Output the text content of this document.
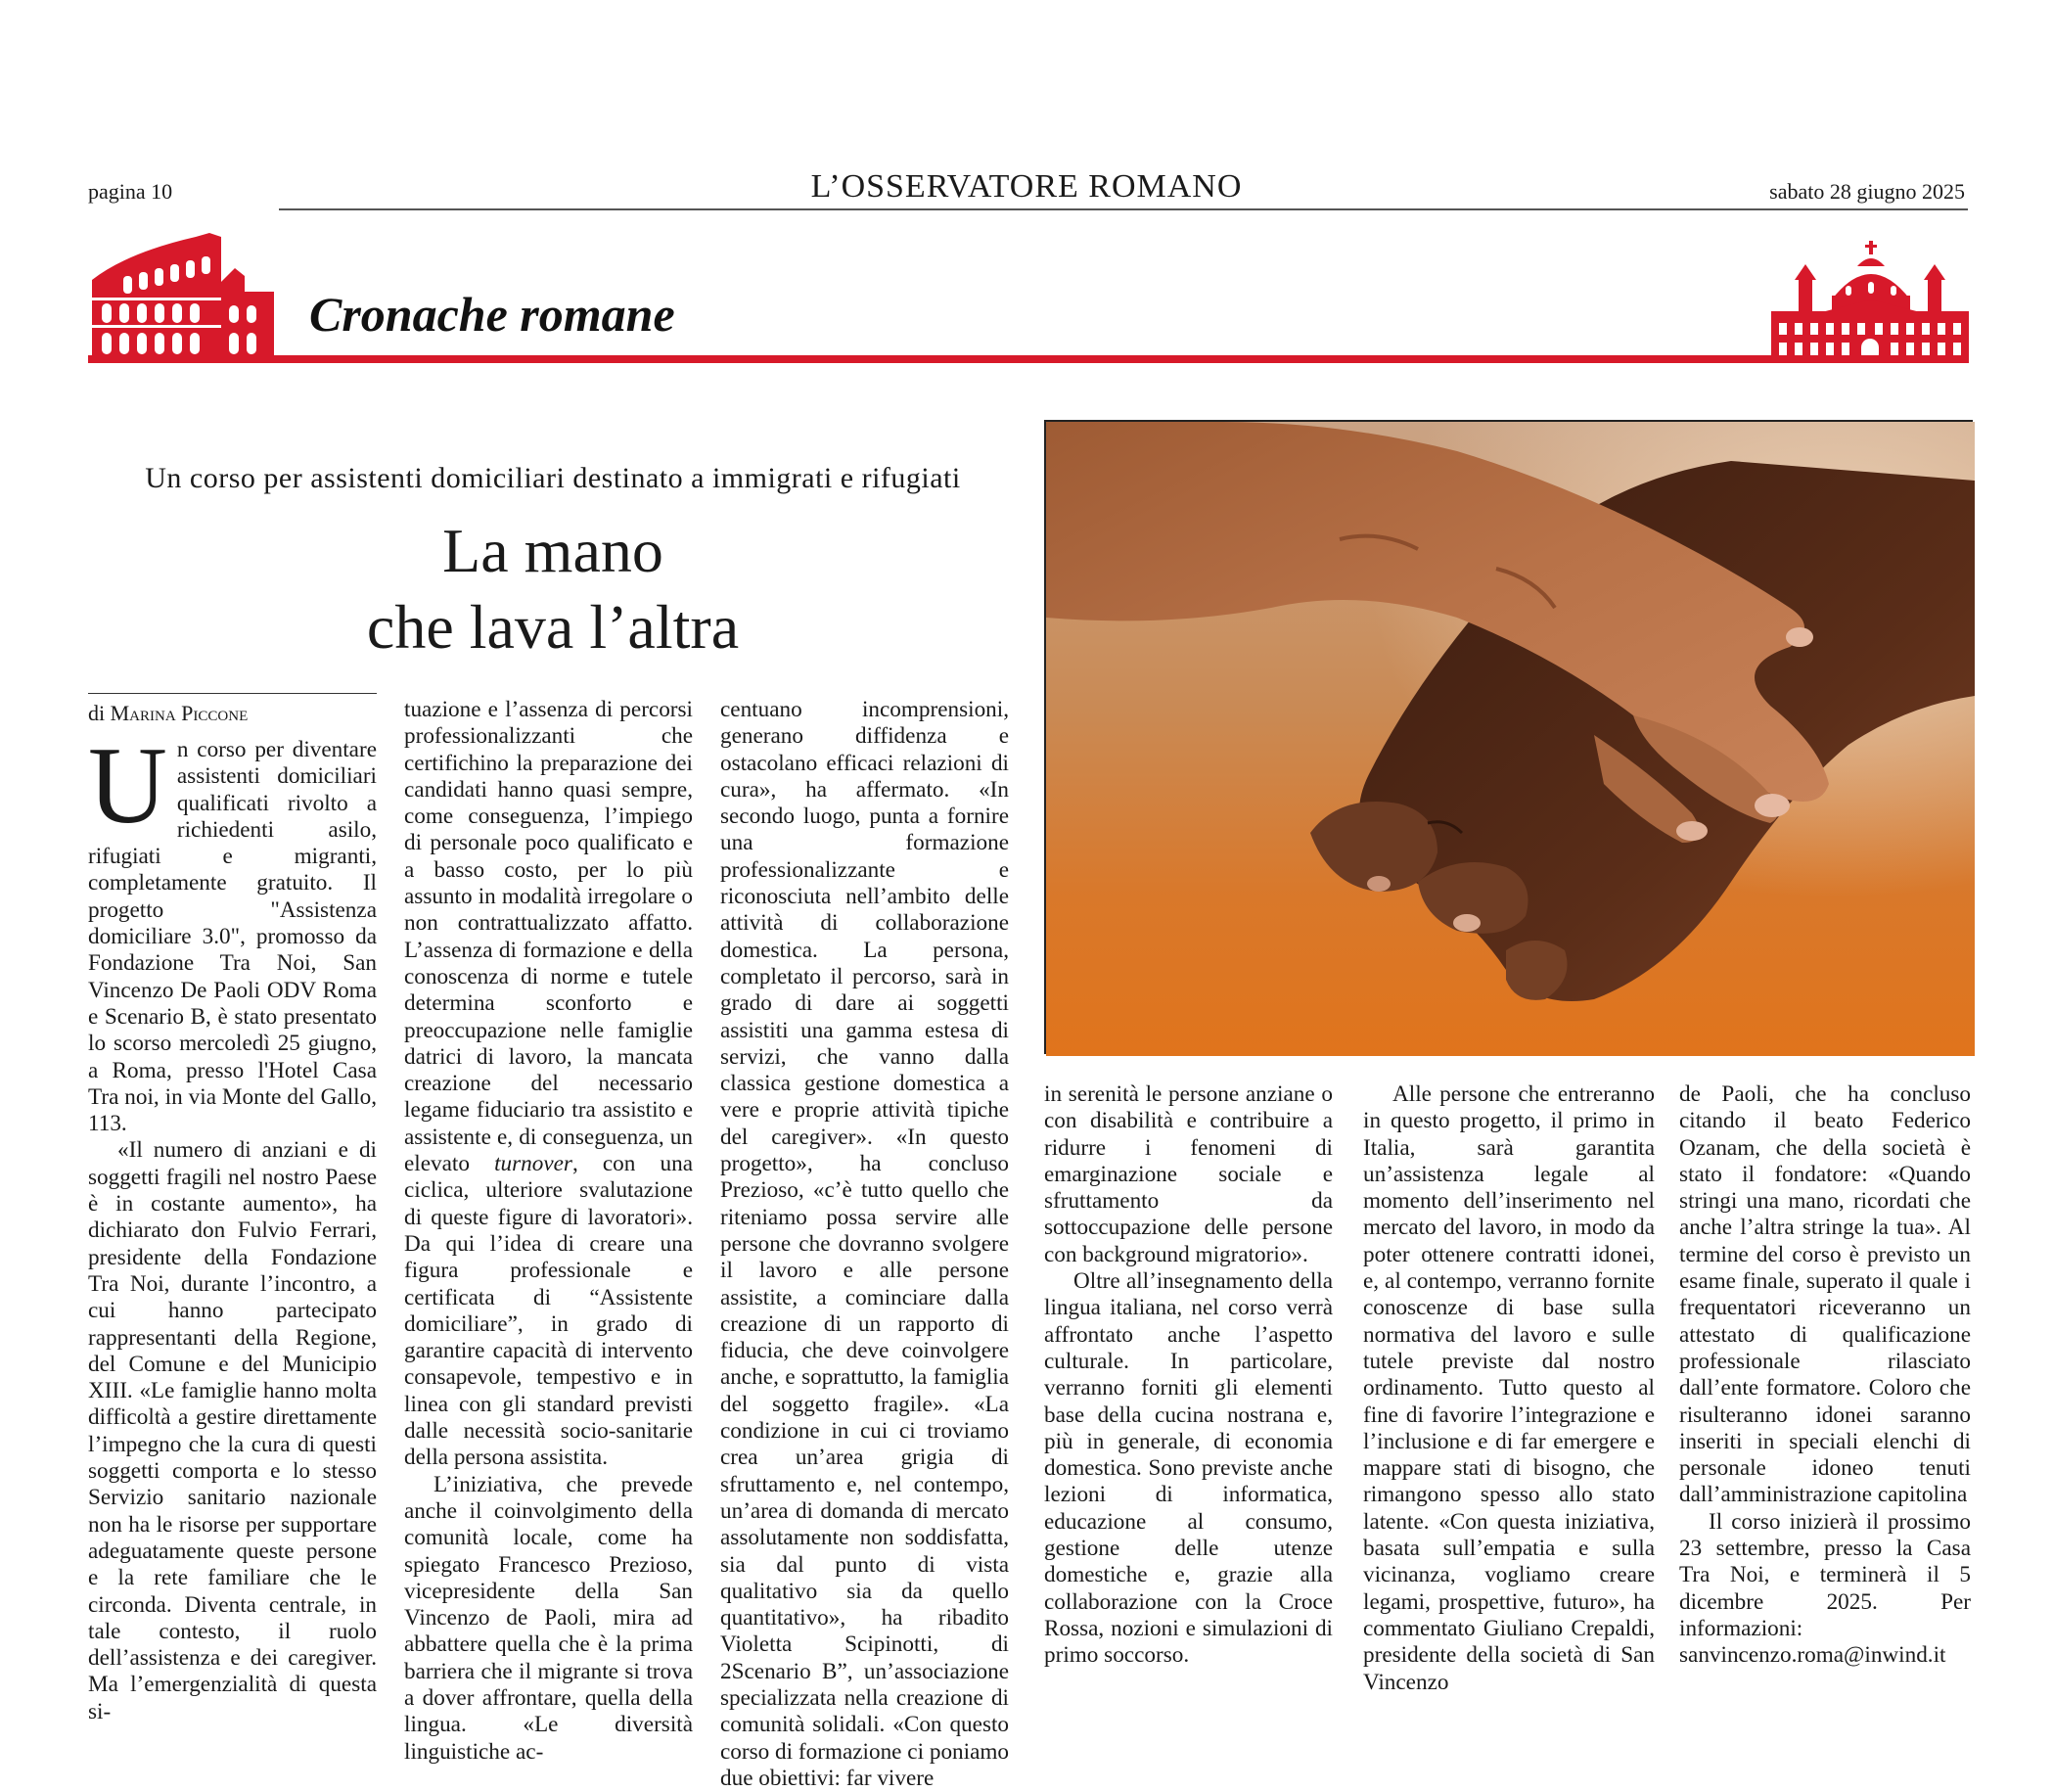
pagina 10	L’OSSERVATORE ROMANO	sabato 28 giugno 2025
Cronache romane
Un corso per assistenti domiciliari destinato a immigrati e rifugiati
La mano
che lava l’altra
di Marina Piccone

Un corso per diventare assistenti domiciliari qualificati rivolto a richiedenti asilo, rifugiati e migranti, completamente gratuito. Il progetto "Assistenza domiciliare 3.0", promosso da Fondazione Tra Noi, San Vincenzo De Paoli ODV Roma e Scenario B, è stato presentato lo scorso mercoledì 25 giugno, a Roma, presso l'Hotel Casa Tra noi, in via Monte del Gallo, 113.

«Il numero di anziani e di soggetti fragili nel nostro Paese è in costante aumento», ha dichiarato don Fulvio Ferrari, presidente della Fondazione Tra Noi, durante l’incontro, a cui hanno partecipato rappresentanti della Regione, del Comune e del Municipio XIII. «Le famiglie hanno molta difficoltà a gestire direttamente l’impegno che la cura di questi soggetti comporta e lo stesso Servizio sanitario nazionale non ha le risorse per supportare adeguatamente queste persone e la rete familiare che le circonda. Diventa centrale, in tale contesto, il ruolo dell’assistenza e dei caregiver. Ma l’emergenzialità di questa si-

tuazione e l’assenza di percorsi professionalizzanti che certifichino la preparazione dei candidati hanno quasi sempre, come conseguenza, l’impiego di personale poco qualificato e a basso costo, per lo più assunto in modalità irregolare o non contrattualizzato affatto. L’assenza di formazione e della conoscenza di norme e tutele determina sconforto e preoccupazione nelle famiglie datrici di lavoro, la mancata creazione del necessario legame fiduciario tra assistito e assistente e, di conseguenza, un elevato turnover, con una ciclica, ulteriore svalutazione di queste figure di lavoratori». Da qui l’idea di creare una figura professionale e certificata di “Assistente domiciliare”, in grado di garantire capacità di intervento consapevole, tempestivo e in linea con gli standard previsti dalle necessità socio-sanitarie della persona assistita.

L’iniziativa, che prevede anche il coinvolgimento della comunità locale, come ha spiegato Francesco Prezioso, vicepresidente della San Vincenzo de Paoli, mira ad abbattere quella che è la prima barriera che il migrante si trova a dover affrontare, quella della lingua. «Le diversità linguistiche ac-

centuano incomprensioni, generano diffidenza e ostacolano efficaci relazioni di cura», ha affermato. «In secondo luogo, punta a fornire una formazione professionalizzante e riconosciuta nell’ambito delle attività di collaborazione domestica. La persona, completato il percorso, sarà in grado di dare ai soggetti assistiti una gamma estesa di servizi, che vanno dalla classica gestione domestica a vere e proprie attività tipiche del caregiver». «In questo progetto», ha concluso Prezioso, «c’è tutto quello che riteniamo possa servire alle persone che dovranno svolgere il lavoro e alle persone assistite, a cominciare dalla creazione di un rapporto di fiducia, che deve coinvolgere anche, e soprattutto, la famiglia del soggetto fragile». «La condizione in cui ci troviamo crea un’area grigia di sfruttamento e, nel contempo, un’area di domanda di mercato assolutamente non soddisfatta, sia dal punto di vista qualitativo sia da quello quantitativo», ha ribadito Violetta Scipinotti, di 2Scenario B”, un’associazione specializzata nella creazione di comunità solidali. «Con questo corso di formazione ci poniamo due obiettivi: far vivere

in serenità le persone anziane o con disabilità e contribuire a ridurre i fenomeni di emarginazione sociale e sfruttamento da sottoccupazione delle persone con background migratorio».

Oltre all’insegnamento della lingua italiana, nel corso verrà affrontato anche l’aspetto culturale. In particolare, verranno forniti gli elementi base della cucina nostrana e, più in generale, di economia domestica. Sono previste anche lezioni di informatica, educazione al consumo, gestione delle utenze domestiche e, grazie alla collaborazione con la Croce Rossa, nozioni e simulazioni di primo soccorso.

Alle persone che entreranno in questo progetto, il primo in Italia, sarà garantita un’assistenza legale al momento dell’inserimento nel mercato del lavoro, in modo da poter ottenere contratti idonei, e, al contempo, verranno fornite conoscenze di base sulla normativa del lavoro e sulle tutele previste dal nostro ordinamento. Tutto questo al fine di favorire l’integrazione e l’inclusione e di far emergere e mappare stati di bisogno, che rimangono spesso allo stato latente. «Con questa iniziativa, basata sull’empatia e sulla vicinanza, vogliamo creare legami, prospettive, futuro», ha commentato Giuliano Crepaldi, presidente della società di San Vincenzo

de Paoli, che ha concluso citando il beato Federico Ozanam, che della società è stato il fondatore: «Quando stringi una mano, ricordati che anche l’altra stringe la tua». Al termine del corso è previsto un esame finale, superato il quale i frequentatori riceveranno un attestato di qualificazione professionale rilasciato dall’ente formatore. Coloro che risulteranno idonei saranno inseriti in speciali elenchi di personale idoneo tenuti dall’amministrazione capitolina

Il corso inizierà il prossimo 23 settembre, presso la Casa Tra Noi, e terminerà il 5 dicembre 2025. Per informazioni: sanvincenzo.roma@inwind.it
